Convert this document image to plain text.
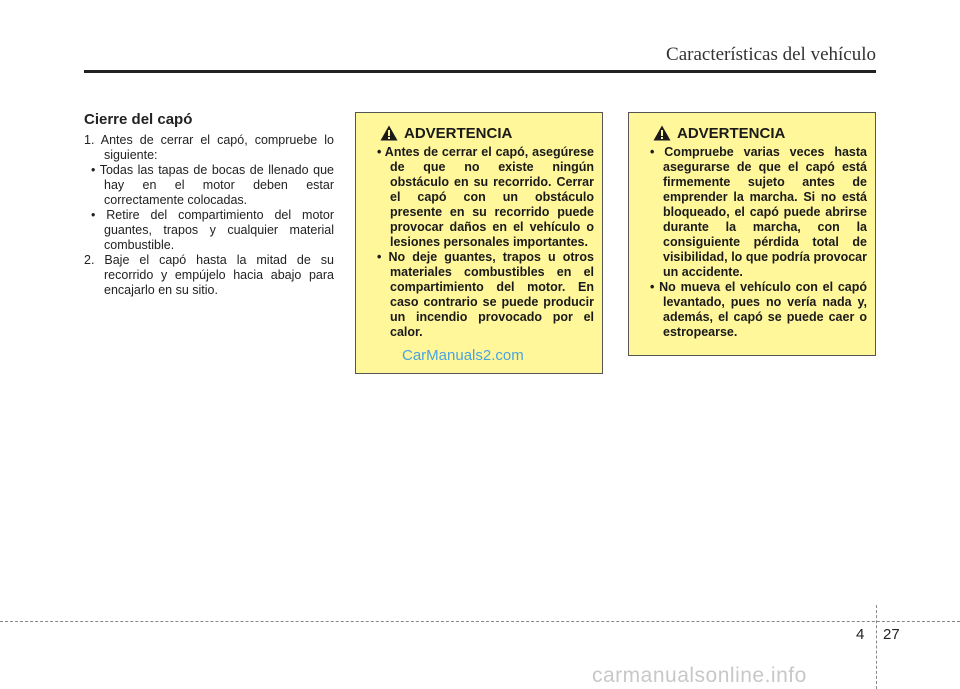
Características del vehículo
Cierre del capó

1. Antes de cerrar el capó, compruebe lo siguiente:

• Todas las tapas de bocas de llenado que hay en el motor deben estar correctamente colocadas.

• Retire del compartimiento del motor guantes, trapos y cualquier material combustible.

2. Baje el capó hasta la mitad de su recorrido y empújelo hacia abajo para encajarlo en su sitio.

ADVERTENCIA

• Antes de cerrar el capó, asegúrese de que no existe ningún obstáculo en su recorrido. Cerrar el capó con un obstáculo presente en su recorrido puede provocar daños en el vehículo o lesiones personales importantes.

• No deje guantes, trapos u otros materiales combustibles en el compartimiento del motor. En caso contrario se puede producir un incendio provocado por el calor.

CarManuals2.com
ADVERTENCIA

• Compruebe varias veces hasta asegurarse de que el capó está firmemente sujeto antes de emprender la marcha. Si no está bloqueado, el capó puede abrirse durante la marcha, con la consiguiente pérdida total de visibilidad, lo que podría provocar un accidente.

• No mueva el vehículo con el capó levantado, pues no vería nada y, además, el capó se puede caer o estropearse.

4 27
carmanualsonline.info
